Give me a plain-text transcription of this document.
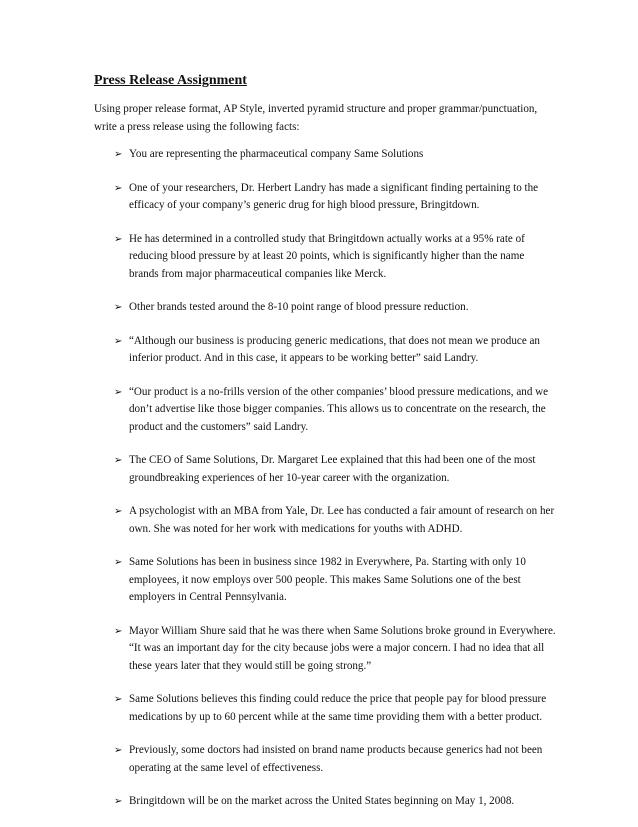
Press Release Assignment
Using proper release format, AP Style, inverted pyramid structure and proper grammar/punctuation, write a press release using the following facts:
➢ You are representing the pharmaceutical company Same Solutions
➢ One of your researchers, Dr. Herbert Landry has made a significant finding pertaining to the efficacy of your company’s generic drug for high blood pressure, Bringitdown.
➢ He has determined in a controlled study that Bringitdown actually works at a 95% rate of reducing blood pressure by at least 20 points, which is significantly higher than the name brands from major pharmaceutical companies like Merck.
➢ Other brands tested around the 8-10 point range of blood pressure reduction.
➢ “Although our business is producing generic medications, that does not mean we produce an inferior product. And in this case, it appears to be working better” said Landry.
➢ “Our product is a no-frills version of the other companies’ blood pressure medications, and we don’t advertise like those bigger companies. This allows us to concentrate on the research, the product and the customers” said Landry.
➢ The CEO of Same Solutions, Dr. Margaret Lee explained that this had been one of the most groundbreaking experiences of her 10-year career with the organization.
➢ A psychologist with an MBA from Yale, Dr. Lee has conducted a fair amount of research on her own. She was noted for her work with medications for youths with ADHD.
➢ Same Solutions has been in business since 1982 in Everywhere, Pa. Starting with only 10 employees, it now employs over 500 people. This makes Same Solutions one of the best employers in Central Pennsylvania.
➢ Mayor William Shure said that he was there when Same Solutions broke ground in Everywhere. “It was an important day for the city because jobs were a major concern. I had no idea that all these years later that they would still be going strong.”
➢ Same Solutions believes this finding could reduce the price that people pay for blood pressure medications by up to 60 percent while at the same time providing them with a better product.
➢ Previously, some doctors had insisted on brand name products because generics had not been operating at the same level of effectiveness.
➢ Bringitdown will be on the market across the United States beginning on May 1, 2008.
